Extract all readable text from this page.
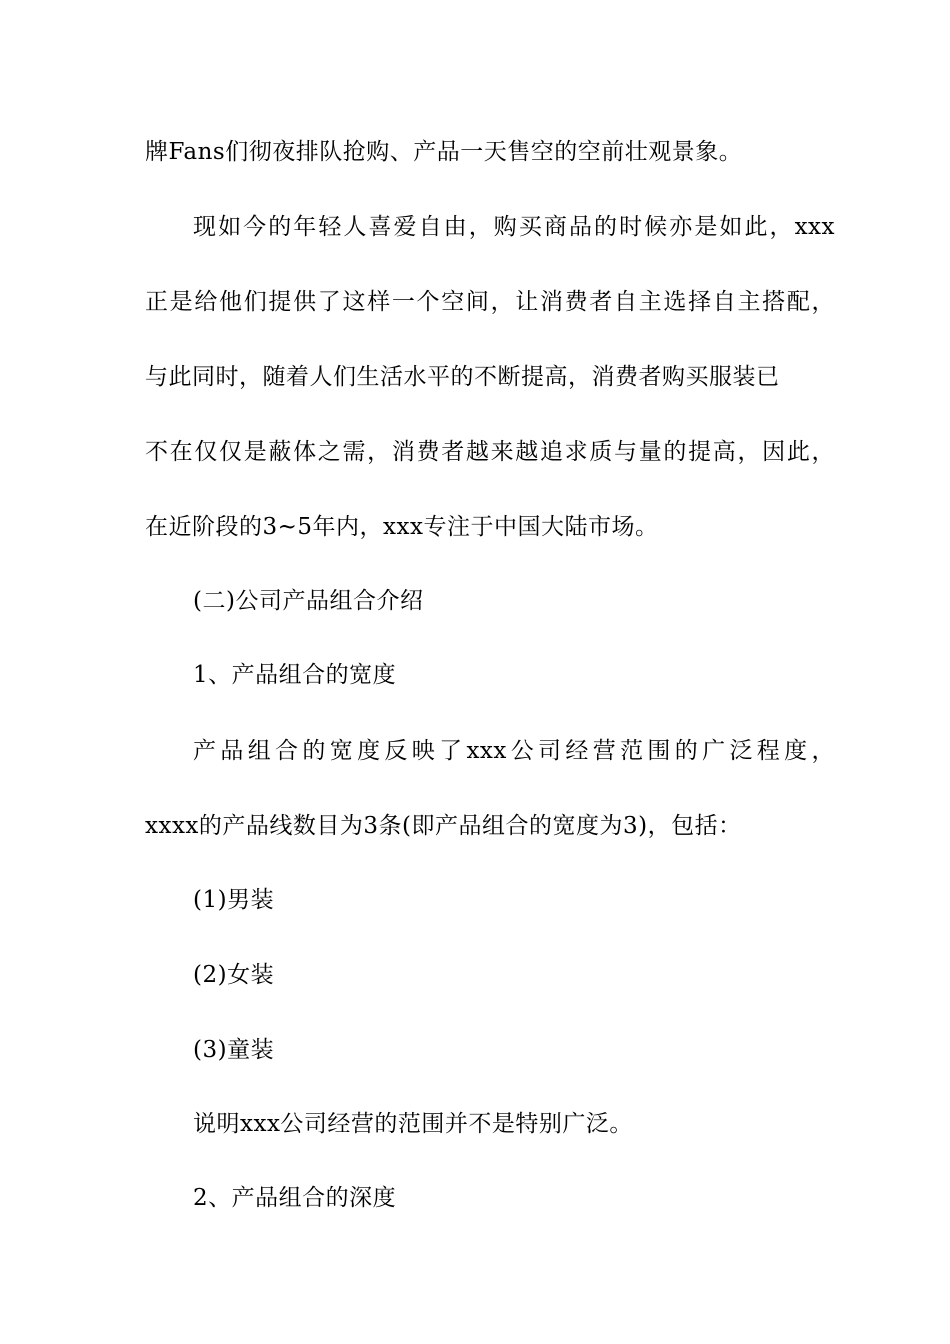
牌Fans们彻夜排队抢购、产品一天售空的空前壮观景象。
现如今的年轻人喜爱自由，购买商品的时候亦是如此，xxx
正是给他们提供了这样一个空间，让消费者自主选择自主搭配，
与此同时，随着人们生活水平的不断提高，消费者购买服装已
不在仅仅是蔽体之需，消费者越来越追求质与量的提高，因此，
在近阶段的3~5年内，xxx专注于中国大陆市场。
(二)公司产品组合介绍
1、产品组合的宽度
产品组合的宽度反映了xxx公司经营范围的广泛程度，
xxxx的产品线数目为3条(即产品组合的宽度为3)，包括：
(1)男装
(2)女装
(3)童装
说明xxx公司经营的范围并不是特别广泛。
2、产品组合的深度
